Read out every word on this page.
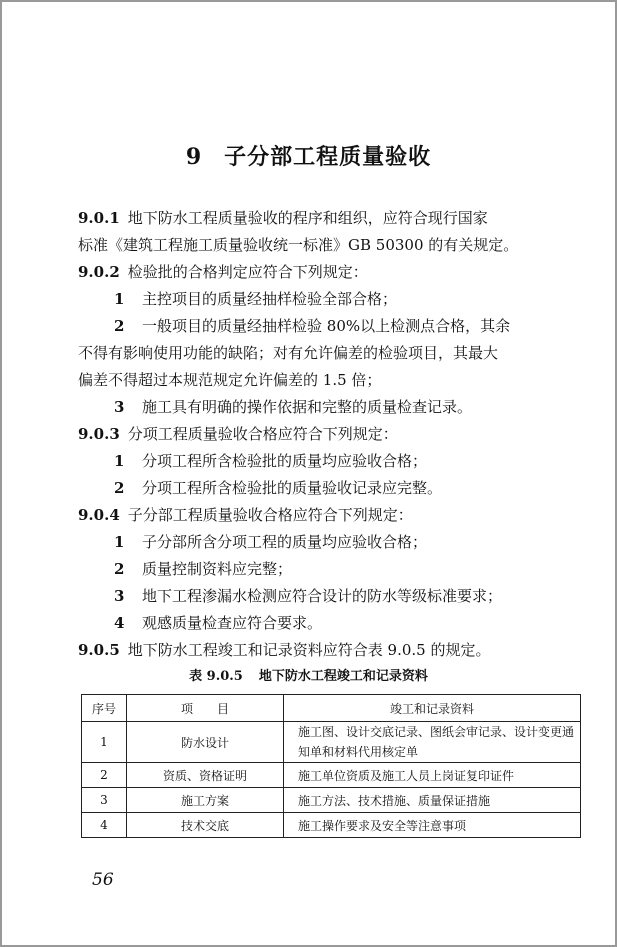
9 子分部工程质量验收
9.0.1 地下防水工程质量验收的程序和组织，应符合现行国家
标准《建筑工程施工质量验收统一标准》GB 50300 的有关规定。
9.0.2 检验批的合格判定应符合下列规定：
1 主控项目的质量经抽样检验全部合格；
2 一般项目的质量经抽样检验 80%以上检测点合格，其余
不得有影响使用功能的缺陷；对有允许偏差的检验项目，其最大
偏差不得超过本规范规定允许偏差的 1.5 倍；
3 施工具有明确的操作依据和完整的质量检查记录。
9.0.3 分项工程质量验收合格应符合下列规定：
1 分项工程所含检验批的质量均应验收合格；
2 分项工程所含检验批的质量验收记录应完整。
9.0.4 子分部工程质量验收合格应符合下列规定：
1 子分部所含分项工程的质量均应验收合格；
2 质量控制资料应完整；
3 地下工程渗漏水检测应符合设计的防水等级标准要求；
4 观感质量检查应符合要求。
9.0.5 地下防水工程竣工和记录资料应符合表 9.0.5 的规定。
表 9.0.5 地下防水工程竣工和记录资料
序号	项　　目	竣工和记录资料
1	防水设计	施工图、设计交底记录、图纸会审记录、设计变更通知单和材料代用核定单

2	资质、资格证明	施工单位资质及施工人员上岗证复印证件
3	施工方案	施工方法、技术措施、质量保证措施
4	技术交底	施工操作要求及安全等注意事项
56
